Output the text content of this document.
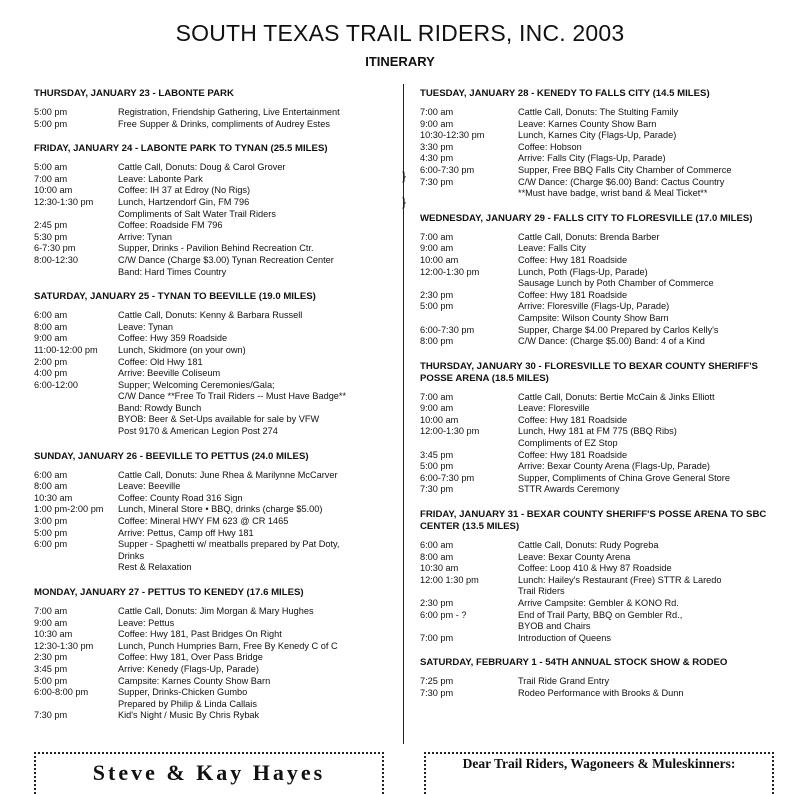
SOUTH TEXAS TRAIL RIDERS, INC. 2003
ITINERARY
}
}
THURSDAY, JANUARY 23 - LABONTE PARK
5:00 pm	Registration, Friendship Gathering, Live Entertainment
5:00 pm	Free Supper & Drinks, compliments of Audrey Estes
FRIDAY, JANUARY 24 - LABONTE PARK TO TYNAN (25.5 MILES)
5:00 am	Cattle Call, Donuts: Doug & Carol Grover
7:00 am	Leave: Labonte Park
10:00 am	Coffee: IH 37 at Edroy (No Rigs)
12:30-1:30 pm	Lunch, Hartzendorf Gin, FM 796
Compliments of Salt Water Trail Riders
2:45 pm	Coffee: Roadside FM 796
5:30 pm	Arrive: Tynan
6-7:30 pm	Supper, Drinks - Pavilion Behind Recreation Ctr.
8:00-12:30	C/W Dance (Charge $3.00) Tynan Recreation Center
Band: Hard Times Country
SATURDAY, JANUARY 25 - TYNAN TO BEEVILLE (19.0 MILES)
6:00 am	Cattle Call, Donuts: Kenny & Barbara Russell
8:00 am	Leave: Tynan
9:00 am	Coffee: Hwy 359 Roadside
11:00-12:00 pm	Lunch, Skidmore (on your own)
2:00 pm	Coffee: Old Hwy 181
4:00 pm	Arrive: Beeville Coliseum
6:00-12:00	Supper; Welcoming Ceremonies/Gala;
C/W Dance **Free To Trail Riders -- Must Have Badge**
Band: Rowdy Bunch
BYOB: Beer & Set-Ups available for sale by VFW
Post 9170 & American Legion Post 274
SUNDAY, JANUARY 26 - BEEVILLE TO PETTUS (24.0 MILES)
6:00 am	Cattle Call, Donuts: June Rhea & Marilynne McCarver
8:00 am	Leave: Beeville
10:30 am	Coffee: County Road 316 Sign
1:00 pm-2:00 pm	Lunch, Mineral Store • BBQ, drinks (charge $5.00)
3:00 pm	Coffee: Mineral HWY FM 623 @ CR 1465
5:00 pm	Arrive: Pettus, Camp off Hwy 181
6:00 pm	Supper - Spaghetti w/ meatballs prepared by Pat Doty,
Drinks
Rest & Relaxation
MONDAY, JANUARY 27 - PETTUS TO KENEDY (17.6 MILES)
7:00 am	Cattle Call, Donuts: Jim Morgan & Mary Hughes
9:00 am	Leave: Pettus
10:30 am	Coffee: Hwy 181, Past Bridges On Right
12:30-1:30 pm	Lunch, Punch Humpries Barn, Free By Kenedy C of C
2:30 pm	Coffee: Hwy 181, Over Pass Bridge
3:45 pm	Arrive: Kenedy (Flags-Up, Parade)
5:00 pm	Campsite: Karnes County Show Barn
6:00-8:00 pm	Supper, Drinks-Chicken Gumbo
Prepared by Philip & Linda Callais
7:30 pm	Kid's Night / Music By Chris Rybak
TUESDAY, JANUARY 28 - KENEDY TO FALLS CITY (14.5 MILES)
7:00 am	Cattle Call, Donuts: The Stulting Family
9:00 am	Leave: Karnes County Show Barn
10:30-12:30 pm	Lunch, Karnes City (Flags-Up, Parade)
3:30 pm	Coffee: Hobson
4:30 pm	Arrive: Falls City (Flags-Up, Parade)
6:00-7:30 pm	Supper, Free BBQ Falls City Chamber of Commerce
7:30 pm	C/W Dance: (Charge $6.00) Band: Cactus Country
**Must have badge, wrist band & Meal Ticket**
WEDNESDAY, JANUARY 29 - FALLS CITY TO FLORESVILLE (17.0 MILES)
7:00 am	Cattle Call, Donuts: Brenda Barber
9:00 am	Leave: Falls City
10:00 am	Coffee: Hwy 181 Roadside
12:00-1:30 pm	Lunch, Poth (Flags-Up, Parade)
Sausage Lunch by Poth Chamber of Commerce
2:30 pm	Coffee: Hwy 181 Roadside
5:00 pm	Arrive: Floresville (Flags-Up, Parade)
Campsite: Wilson County Show Barn
6:00-7:30 pm	Supper, Charge $4.00 Prepared by Carlos Kelly's
8:00 pm	C/W Dance: (Charge $5.00) Band: 4 of a Kind
THURSDAY, JANUARY 30 - FLORESVILLE TO BEXAR COUNTY SHERIFF'S POSSE ARENA (18.5 MILES)
7:00 am	Cattle Call, Donuts: Bertie McCain & Jinks Elliott
9:00 am	Leave: Floresville
10:00 am	Coffee: Hwy 181 Roadside
12:00-1:30 pm	Lunch, Hwy 181 at FM 775 (BBQ Ribs)
Compliments of EZ Stop
3:45 pm	Coffee: Hwy 181 Roadside
5:00 pm	Arrive: Bexar County Arena (Flags-Up, Parade)
6:00-7:30 pm	Supper, Compliments of China Grove General Store
7:30 pm	STTR Awards Ceremony
FRIDAY, JANUARY 31 - BEXAR COUNTY SHERIFF'S POSSE ARENA TO SBC CENTER (13.5 MILES)
6:00 am	Cattle Call, Donuts: Rudy Pogreba
8:00 am	Leave: Bexar County Arena
10:30 am	Coffee: Loop 410 & Hwy 87 Roadside
12:00 1:30 pm	Lunch: Hailey's Restaurant (Free) STTR & Laredo
Trail Riders
2:30 pm	Arrive Campsite: Gembler & KONO Rd.
6:00 pm - ?	End of Trail Party, BBQ on Gembler Rd.,
BYOB and Chairs
7:00 pm	Introduction of Queens
SATURDAY, FEBRUARY 1 - 54TH ANNUAL STOCK SHOW & RODEO
7:25 pm	Trail Ride Grand Entry
7:30 pm	Rodeo Performance with Brooks & Dunn
Steve & Kay Hayes	Dear Trail Riders, Wagoneers & Muleskinners:
